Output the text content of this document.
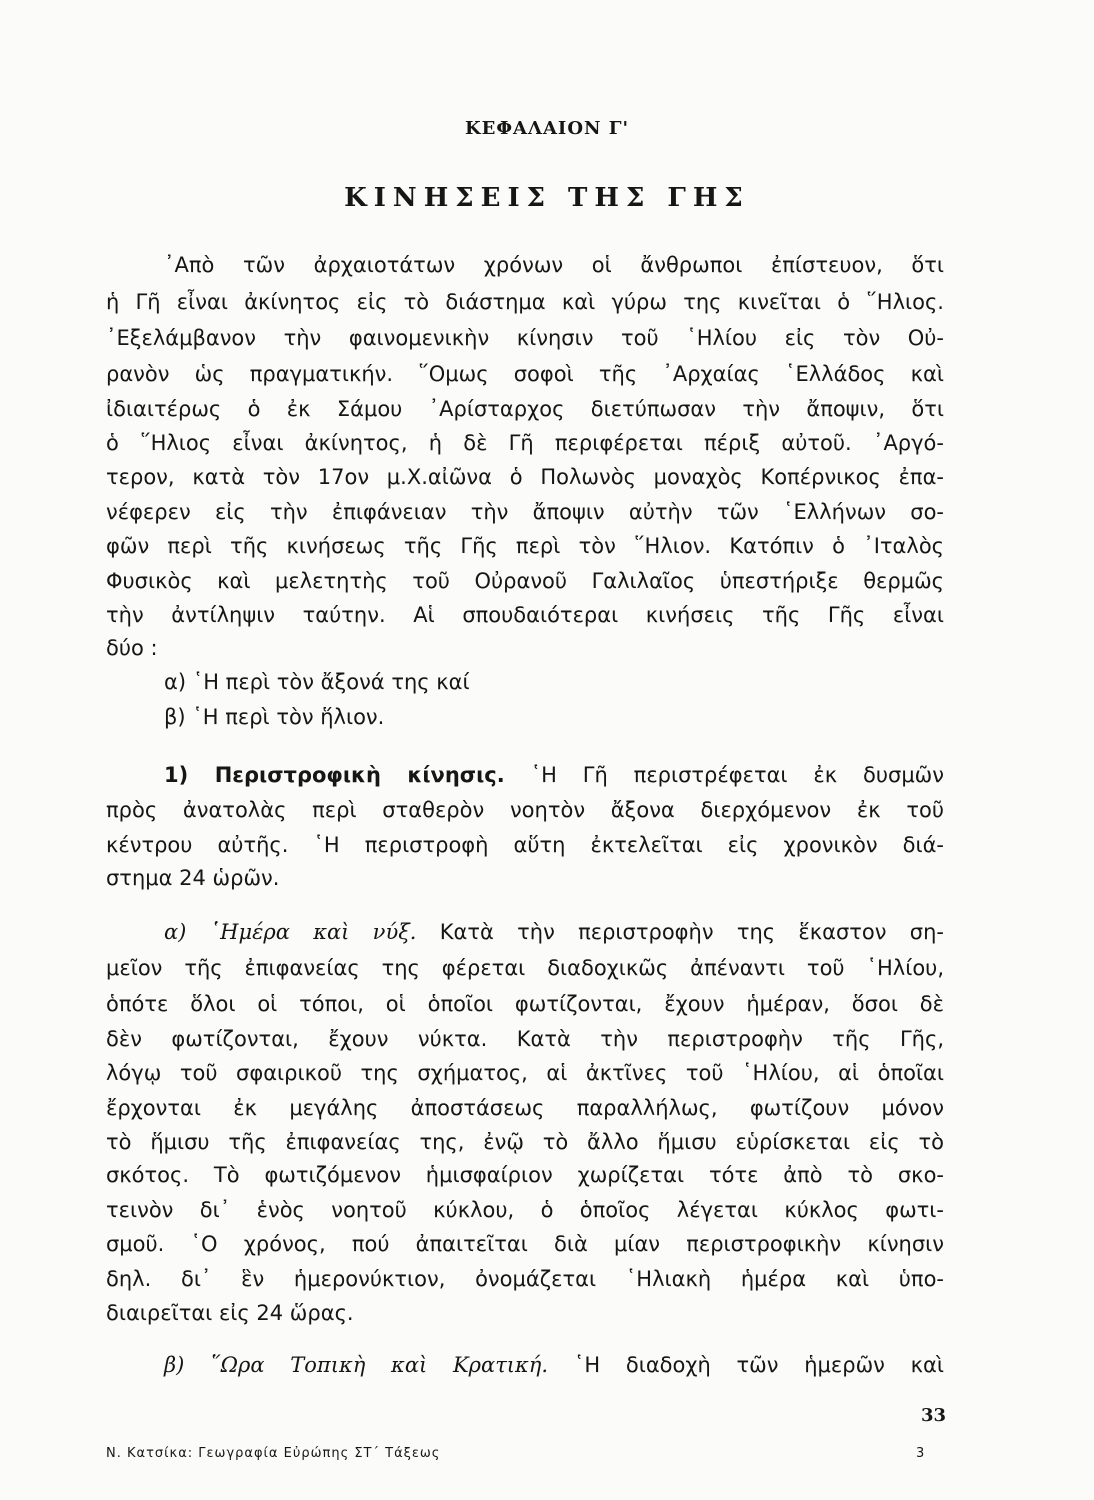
ΚΕΦΑΛΑΙΟΝ Γ'
ΚΙΝΗΣΕΙΣ ΤΗΣ ΓΗΣ
᾿Απὸ τῶν ἀρχαιοτάτων χρόνων οἱ ἄνθρωποι ἐπίστευον, ὅτι
ἡ Γῆ εἶναι ἀκίνητος εἰς τὸ διάστημα καὶ γύρω της κινεῖται ὁ ῞Ηλιος.
᾿Εξελάμβανον τὴν φαινομενικὴν κίνησιν τοῦ ῾Ηλίου εἰς τὸν Οὐ-
ρανὸν ὡς πραγματικήν. ῞Ομως σοφοὶ τῆς ᾿Αρχαίας ῾Ελλάδος καὶ
ἰδιαιτέρως ὁ ἐκ Σάμου ᾿Αρίσταρχος διετύπωσαν τὴν ἄποψιν, ὅτι
ὁ ῞Ηλιος εἶναι ἀκίνητος, ἡ δὲ Γῆ περιφέρεται πέριξ αὐτοῦ. ᾿Αργό-
τερον, κατὰ τὸν 17ον μ.Χ.αἰῶνα ὁ Πολωνὸς μοναχὸς Κοπέρνικος ἐπα-
νέφερεν εἰς τὴν ἐπιφάνειαν τὴν ἄποψιν αὐτὴν τῶν ῾Ελλήνων σο-
φῶν περὶ τῆς κινήσεως τῆς Γῆς περὶ τὸν ῞Ηλιον. Κατόπιν ὁ ᾿Ιταλὸς
Φυσικὸς καὶ μελετητὴς τοῦ Οὐρανοῦ Γαλιλαῖος ὑπεστήριξε θερμῶς
τὴν ἀντίληψιν ταύτην. Αἱ σπουδαιότεραι κινήσεις τῆς Γῆς εἶναι
δύο :
α) ῾Η περὶ τὸν ἄξονά της καί
β) ῾Η περὶ τὸν ἥλιον.
1) Περιστροφικὴ κίνησις. ῾Η Γῆ περιστρέφεται ἐκ δυσμῶν
πρὸς ἀνατολὰς περὶ σταθερὸν νοητὸν ἄξονα διερχόμενον ἐκ τοῦ
κέντρου αὐτῆς. ῾Η περιστροφὴ αὕτη ἐκτελεῖται εἰς χρονικὸν διά-
στημα 24 ὡρῶν.
α) ῾Ημέρα καὶ νύξ. Κατὰ τὴν περιστροφὴν της ἕκαστον ση-
μεῖον τῆς ἐπιφανείας της φέρεται διαδοχικῶς ἀπέναντι τοῦ ῾Ηλίου,
ὁπότε ὅλοι οἱ τόποι, οἱ ὁποῖοι φωτίζονται, ἔχουν ἡμέραν, ὅσοι δὲ
δὲν φωτίζονται, ἔχουν νύκτα. Κατὰ τὴν περιστροφὴν τῆς Γῆς,
λόγῳ τοῦ σφαιρικοῦ της σχήματος, αἱ ἀκτῖνες τοῦ ῾Ηλίου, αἱ ὁποῖαι
ἔρχονται ἐκ μεγάλης ἀποστάσεως παραλλήλως, φωτίζουν μόνον
τὸ ἥμισυ τῆς ἐπιφανείας της, ἐνῷ τὸ ἄλλο ἥμισυ εὑρίσκεται εἰς τὸ
σκότος. Τὸ φωτιζόμενον ἡμισφαίριον χωρίζεται τότε ἀπὸ τὸ σκο-
τεινὸν δι᾿ ἑνὸς νοητοῦ κύκλου, ὁ ὁποῖος λέγεται κύκλος φωτι-
σμοῦ. ῾Ο χρόνος, πού ἀπαιτεῖται διὰ μίαν περιστροφικὴν κίνησιν
δηλ. δι᾿ ἓν ἡμερονύκτιον, ὀνομάζεται ῾Ηλιακὴ ἡμέρα καὶ ὑπο-
διαιρεῖται εἰς 24 ὥρας.
β) ῞Ωρα Τοπικὴ καὶ Κρατική. ῾Η διαδοχὴ τῶν ἡμερῶν καὶ
33
Ν. Κατσίκα: Γεωγραφία Εὐρώπης ΣΤ΄ Τάξεως	3
